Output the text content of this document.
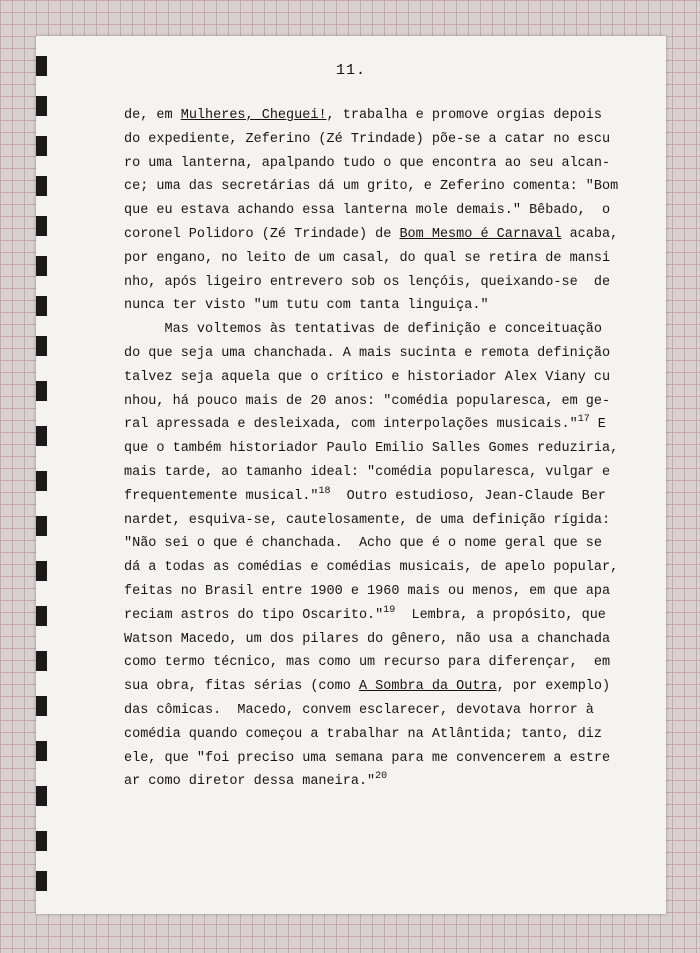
11.
de, em Mulheres, Cheguei!, trabalha e promove orgias depois
do expediente, Zeferino (Zé Trindade) põe-se a catar no escu
ro uma lanterna, apalpando tudo o que encontra ao seu alcan-
ce; uma das secretárias dá um grito, e Zeferino comenta: "Bom
que eu estava achando essa lanterna mole demais." Bêbado,  o
coronel Polidoro (Zé Trindade) de Bom Mesmo é Carnaval acaba,
por engano, no leito de um casal, do qual se retira de mansi
nho, após ligeiro entrevero sob os lençóis, queixando-se  de
nunca ter visto "um tutu com tanta linguiça."
Mas voltemos às tentativas de definição e conceituação
do que seja uma chanchada. A mais sucinta e remota definição
talvez seja aquela que o crítico e historiador Alex Viany cu
nhou, há pouco mais de 20 anos: "comédia popularesca, em ge-
ral apressada e desleixada, com interpolações musicais."$^{17}$ E
que o também historiador Paulo Emilio Salles Gomes reduziria,
mais tarde, ao tamanho ideal: "comédia popularesca, vulgar e
frequentemente musical."$^{18}$  Outro estudioso, Jean-Claude Ber
nardet, esquiva-se, cautelosamente, de uma definição rígida:
"Não sei o que é chanchada.  Acho que é o nome geral que se
dá a todas as comédias e comédias musicais, de apelo popular,
feitas no Brasil entre 1900 e 1960 mais ou menos, em que apa
reciam astros do tipo Oscarito."$^{19}$  Lembra, a propósito, que
Watson Macedo, um dos pilares do gênero, não usa a chanchada
como termo técnico, mas como um recurso para diferençar,  em
sua obra, fitas sérias (como A Sombra da Outra, por exemplo)
das cômicas.  Macedo, convem esclarecer, devotava horror à
comédia quando começou a trabalhar na Atlântida; tanto, diz
ele, que "foi preciso uma semana para me convencerem a estre
ar como diretor dessa maneira."$^{20}$
